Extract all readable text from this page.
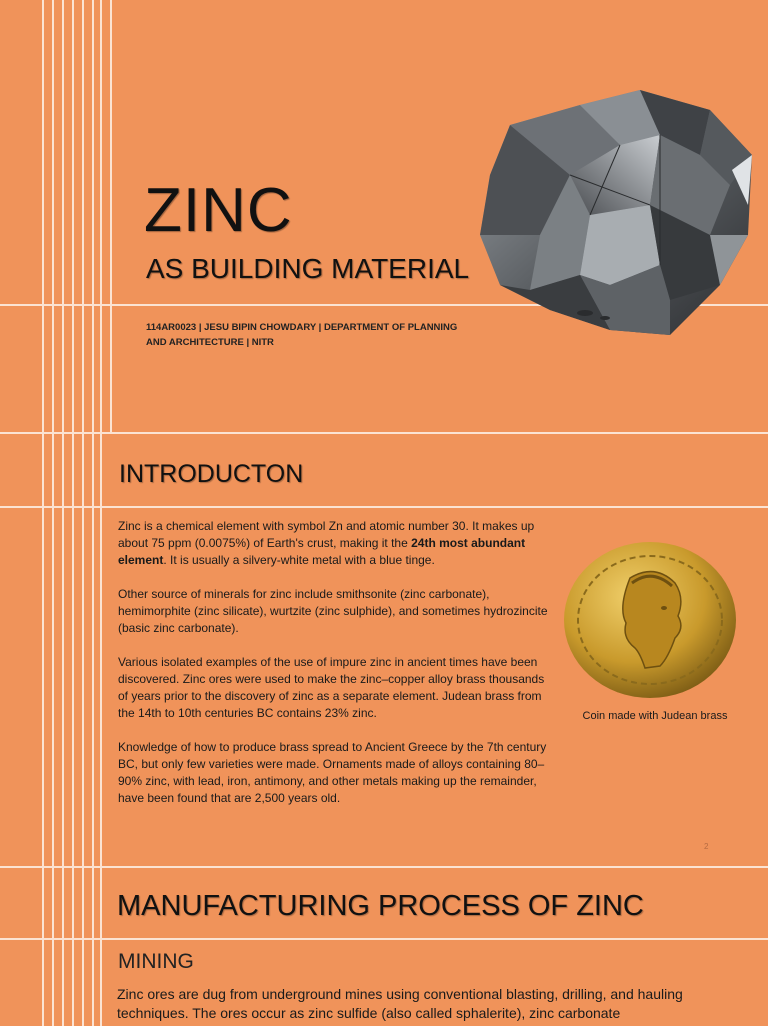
ZINC
AS BUILDING MATERIAL
114AR0023 | JESU BIPIN CHOWDARY | DEPARTMENT OF PLANNING AND ARCHITECTURE | NITR
INTRODUCTON

Zinc is a chemical element with symbol Zn and atomic number 30. It makes up about 75 ppm (0.0075%) of Earth's crust, making it the 24th most abundant element. It is usually a silvery-white metal with a blue tinge.

Other source of minerals for zinc include smithsonite (zinc carbonate), hemimorphite (zinc silicate), wurtzite (zinc sulphide), and sometimes hydrozincite (basic zinc carbonate).

Various isolated examples of the use of impure zinc in ancient times have been discovered. Zinc ores were used to make the zinc–copper alloy brass thousands of years prior to the discovery of zinc as a separate element. Judean brass from the 14th to 10th centuries BC contains 23% zinc.

Knowledge of how to produce brass spread to Ancient Greece by the 7th century BC, but only few varieties were made. Ornaments made of alloys containing 80–90% zinc, with lead, iron, antimony, and other metals making up the remainder, have been found that are 2,500 years old.

Coin made with Judean brass
2
MANUFACTURING PROCESS OF ZINC
MINING
Zinc ores are dug from underground mines using conventional blasting, drilling, and hauling techniques. The ores occur as zinc sulfide (also called sphalerite), zinc carbonate
